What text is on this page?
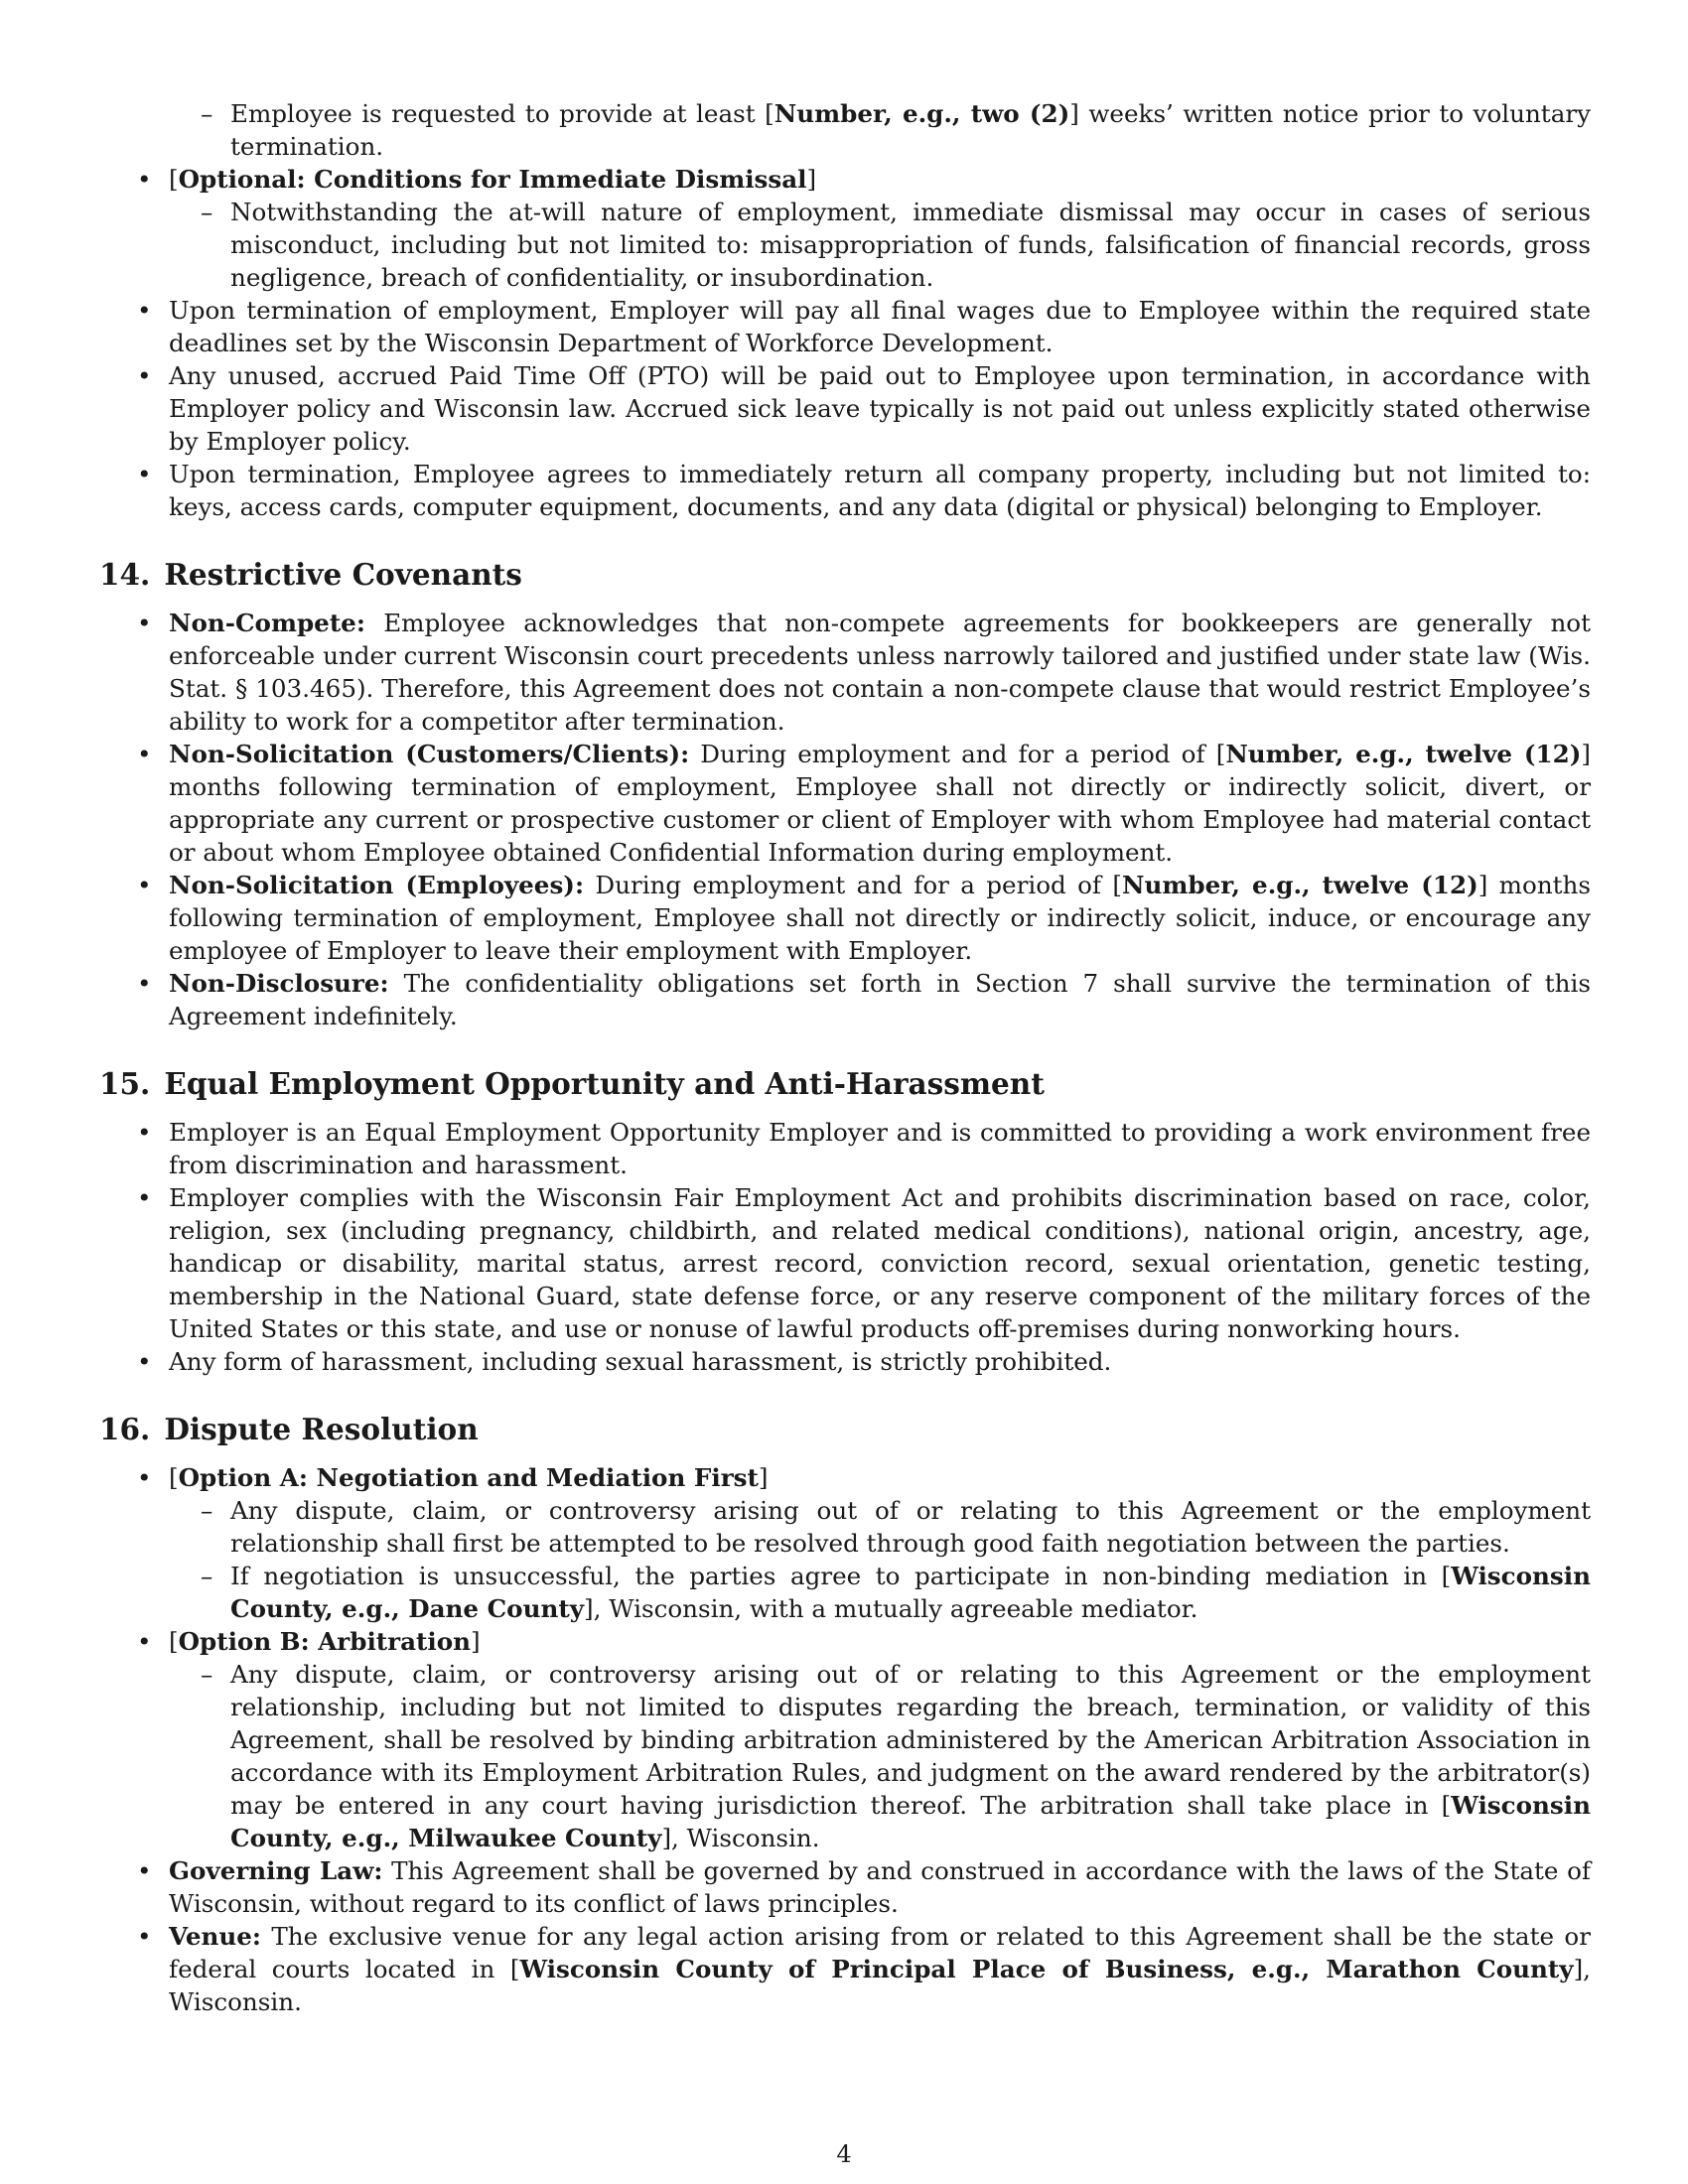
– Employee is requested to provide at least [Number, e.g., two (2)] weeks’ written notice prior to voluntary termination.
• [Optional: Conditions for Immediate Dismissal]
– Notwithstanding the at-will nature of employment, immediate dismissal may occur in cases of serious misconduct, including but not limited to: misappropriation of funds, falsification of financial records, gross negligence, breach of confidentiality, or insubordination.
• Upon termination of employment, Employer will pay all final wages due to Employee within the required state deadlines set by the Wisconsin Department of Workforce Development.
• Any unused, accrued Paid Time Off (PTO) will be paid out to Employee upon termination, in accordance with Employer policy and Wisconsin law. Accrued sick leave typically is not paid out unless explicitly stated otherwise by Employer policy.
• Upon termination, Employee agrees to immediately return all company property, including but not limited to: keys, access cards, computer equipment, documents, and any data (digital or physical) belonging to Employer.
14. Restrictive Covenants
• Non-Compete: Employee acknowledges that non-compete agreements for bookkeepers are generally not enforceable under current Wisconsin court precedents unless narrowly tailored and justified under state law (Wis. Stat. § 103.465). Therefore, this Agreement does not contain a non-compete clause that would restrict Employee’s ability to work for a competitor after termination.
• Non-Solicitation (Customers/Clients): During employment and for a period of [Number, e.g., twelve (12)] months following termination of employment, Employee shall not directly or indirectly solicit, divert, or appropriate any current or prospective customer or client of Employer with whom Employee had material contact or about whom Employee obtained Confidential Information during employment.
• Non-Solicitation (Employees): During employment and for a period of [Number, e.g., twelve (12)] months following termination of employment, Employee shall not directly or indirectly solicit, induce, or encourage any employee of Employer to leave their employment with Employer.
• Non-Disclosure: The confidentiality obligations set forth in Section 7 shall survive the termination of this Agreement indefinitely.
15. Equal Employment Opportunity and Anti-Harassment
• Employer is an Equal Employment Opportunity Employer and is committed to providing a work environment free from discrimination and harassment.
• Employer complies with the Wisconsin Fair Employment Act and prohibits discrimination based on race, color, religion, sex (including pregnancy, childbirth, and related medical conditions), national origin, ancestry, age, handicap or disability, marital status, arrest record, conviction record, sexual orientation, genetic testing, membership in the National Guard, state defense force, or any reserve component of the military forces of the United States or this state, and use or nonuse of lawful products off-premises during nonworking hours.
• Any form of harassment, including sexual harassment, is strictly prohibited.
16. Dispute Resolution
• [Option A: Negotiation and Mediation First]
– Any dispute, claim, or controversy arising out of or relating to this Agreement or the employment relationship shall first be attempted to be resolved through good faith negotiation between the parties.
– If negotiation is unsuccessful, the parties agree to participate in non-binding mediation in [Wisconsin County, e.g., Dane County], Wisconsin, with a mutually agreeable mediator.
• [Option B: Arbitration]
– Any dispute, claim, or controversy arising out of or relating to this Agreement or the employment relationship, including but not limited to disputes regarding the breach, termination, or validity of this Agreement, shall be resolved by binding arbitration administered by the American Arbitration Association in accordance with its Employment Arbitration Rules, and judgment on the award rendered by the arbitrator(s) may be entered in any court having jurisdiction thereof. The arbitration shall take place in [Wisconsin County, e.g., Milwaukee County], Wisconsin.
• Governing Law: This Agreement shall be governed by and construed in accordance with the laws of the State of Wisconsin, without regard to its conflict of laws principles.
• Venue: The exclusive venue for any legal action arising from or related to this Agreement shall be the state or federal courts located in [Wisconsin County of Principal Place of Business, e.g., Marathon County], Wisconsin.
4
